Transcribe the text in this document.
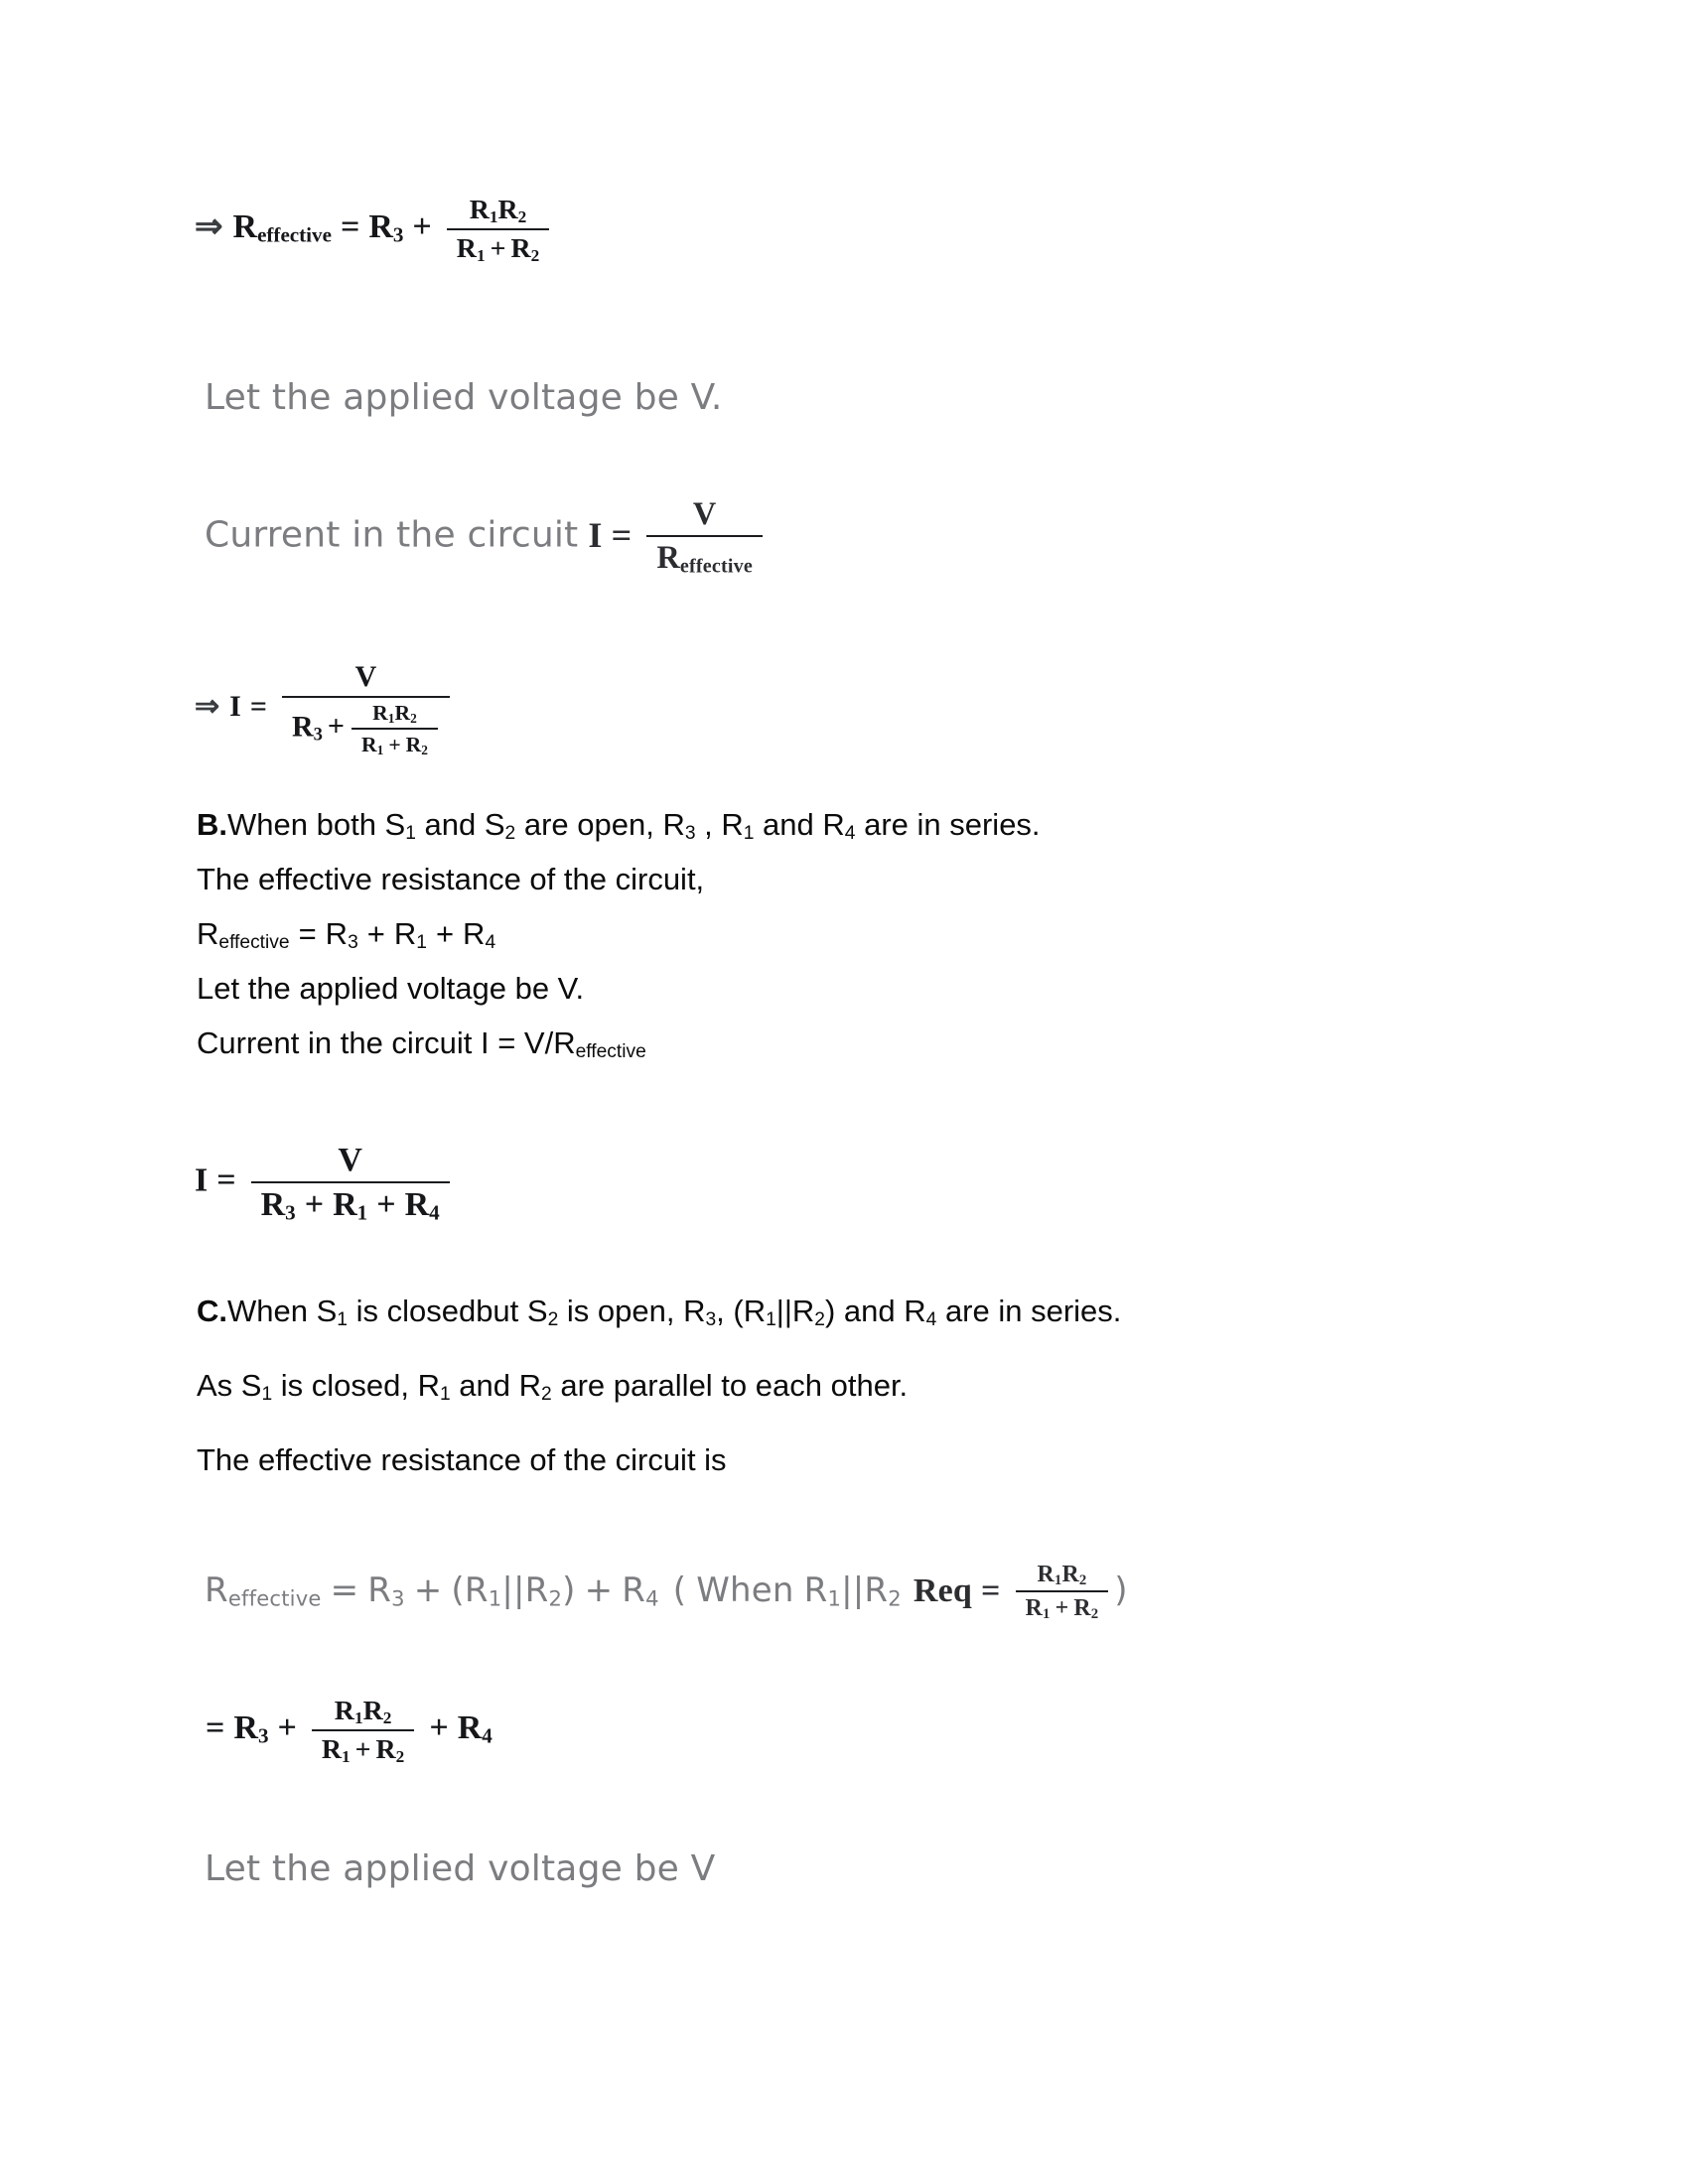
⇒ $R_{effective} = R_3 + \frac{R_1R_2}{R_1 + R_2}$
Let the applied voltage be V.
Current in the circuit $I = \frac{V}{R_{effective}}$
⇒ $I = \frac{V}{R_3 + \frac{R_1R_2}{R_1 + R_2}}$
B.When both $S_1$ and $S_2$ are open, $R_3$ , $R_1$ and $R_4$ are in series.
The effective resistance of the circuit,
$R_{effective} = R_3 + R_1 + R_4$
Let the applied voltage be V.
Current in the circuit $I = V/R_{effective}$
$I = \frac{V}{R_3 + R_1 + R_4}$
C.When $S_1$ is closedbut $S_2$ is open, $R_3$, $(R_1||R_2)$ and $R_4$ are in series.
As $S_1$ is closed, $R_1$ and $R_2$ are parallel to each other.
The effective resistance of the circuit is
$R_{effective} = R_3 + (R_1||R_2) + R_4$ ( When $R_1||R_2$ Req = $\frac{R_1R_2}{R_1 + R_2}$ )
= $R_3 + \frac{R_1R_2}{R_1 + R_2} + R_4$
Let the applied voltage be V
